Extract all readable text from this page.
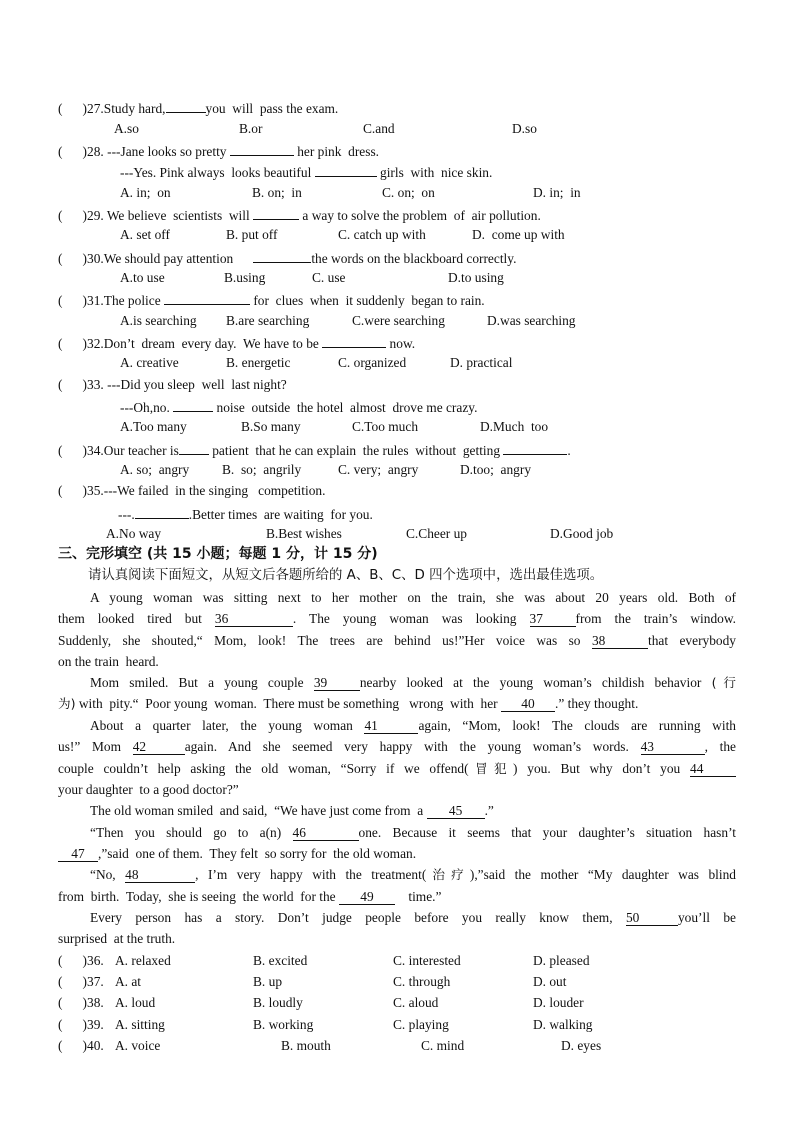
(      )27.Study hard,	you  will  pass the exam.
A.so	B.or	C.and	D.so
(      )28. ---Jane looks so pretty	her pink  dress.
---Yes. Pink always  looks beautiful	girls  with  nice skin.
A. in;  on	B. on;  in	C. on;  on	D. in;  in
(      )29. We believe  scientists  will	a way to solve the problem  of  air pollution.
A. set off	B. put off	C. catch up with	D.  come up with
(      )30.We should pay attention	the words on the blackboard correctly.
A.to use	B.using	C. use	D.to using
(      )31.The police	for  clues  when  it suddenly  began to rain.
A.is searching B.are searching	C.were searching	D.was searching
(      )32.Don’t  dream  every day.  We have to be	now.
A. creative	B. energetic	C. organized	D. practical
(      )33. ---Did you sleep  well  last night?
---Oh,no.	noise  outside  the hotel  almost  drove me crazy.
A.Too many	B.So many	C.Too much	D.Much  too
(      )34.Our teacher is patient  that he can explain  the rules  without  getting	.
A. so;  angry B.  so;  angrily	C. very;  angry	D.too;  angry
(      )35.---We failed  in the singing   competition.
---.	.Better times  are waiting  for you.
A.No way	B.Best wishes	C.Cheer up	D.Good job
三、完形填空 (共 15 小题；每题 1 分，计 15 分)
请认真阅读下面短文，从短文后各题所给的 A、B、C、D 四个选项中，选出最佳选项。
A young woman was sitting next to her mother on the train, she was about 20 years old. Both of
them looked tired but 36	. The young woman was looking 37 from the train’s window.
Suddenly, she shouted,“ Mom, look! The trees are behind us!”Her voice was so 38	that everybody
on the train  heard.
Mom smiled. But a young couple 39 nearby looked at the young woman’s childish behavior (行
为) with  pity.“  Poor young  woman.  There must be something   wrong  with  her 40 .” they thought.
About a quarter later, the young woman 41	again, “Mom, look! The clouds are running with
us!” Mom 42	again. And she seemed very happy with the young woman’s words. 43	, the
couple couldn’t help asking the old woman, “Sorry if we offend(冒犯) you. But why don’t you 44
your daughter  to a good doctor?”
The old woman smiled  and said,  “We have just come from  a 45 .”
“Then you should go to a(n) 46	one. Because it seems that your daughter’s situation hasn’t
47 ,”said  one of them.  They felt  so sorry for  the old woman.
“No, 48	, I’m very happy with the treatment(治疗),”said the mother “My daughter was blind
from  birth.  Today,  she is seeing  the world  for the 49	time.”
Every person has a story. Don’t judge people before you really know them, 50	you’ll be
surprised  at the truth.
(      )36. A. relaxed	B. excited	C. interested	D. pleased
(      )37. A. at	B. up	C. through	D. out
(      )38. A. loud	B. loudly	C. aloud	D. louder
(      )39. A. sitting	B. working	C. playing	D. walking
(      )40. A. voice	B. mouth	C. mind	D. eyes
